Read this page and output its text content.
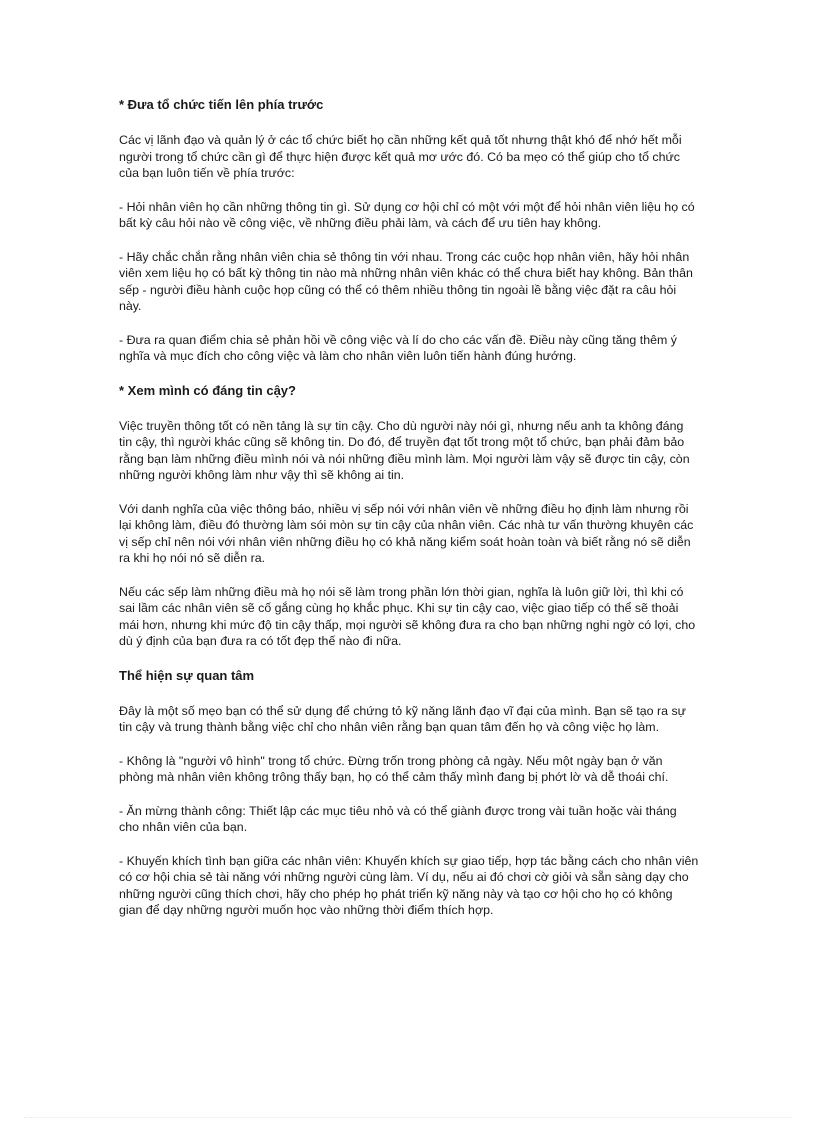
* Đưa tổ chức tiến lên phía trước

Các vị lãnh đạo và quản lý ở các tổ chức biết họ cần những kết quả tốt nhưng thật khó để nhớ hết mỗi người trong tổ chức cần gì để thực hiện được kết quả mơ ước đó. Có ba mẹo có thể giúp cho tổ chức của bạn luôn tiến về phía trước:

- Hỏi nhân viên họ cần những thông tin gì. Sử dụng cơ hội chỉ có một với một để hỏi nhân viên liệu họ có bất kỳ câu hỏi nào về công việc, về những điều phải làm, và cách để ưu tiên hay không.

- Hãy chắc chắn rằng nhân viên chia sẻ thông tin với nhau. Trong các cuộc họp nhân viên, hãy hỏi nhân viên xem liệu họ có bất kỳ thông tin nào mà những nhân viên khác có thể chưa biết hay không. Bản thân sếp - người điều hành cuộc họp cũng có thể có thêm nhiều thông tin ngoài lề bằng việc đặt ra câu hỏi này.

- Đưa ra quan điểm chia sẻ phản hồi về công việc và lí do cho các vấn đề. Điều này cũng tăng thêm ý nghĩa và mục đích cho công việc và làm cho nhân viên luôn tiến hành đúng hướng.

* Xem mình có đáng tin cậy?

Việc truyền thông tốt có nền tảng là sự tin cậy. Cho dù người này nói gì, nhưng nếu anh ta không đáng tin cậy, thì người khác cũng sẽ không tin. Do đó, để truyền đạt tốt trong một tổ chức, bạn phải đảm bảo rằng bạn làm những điều mình nói và nói những điều mình làm. Mọi người làm vậy sẽ được tin cậy, còn những người không làm như vậy thì sẽ không ai tin.

Với danh nghĩa của việc thông báo, nhiều vị sếp nói với nhân viên về những điều họ định làm nhưng rồi lại không làm, điều đó thường làm sói mòn sự tin cậy của nhân viên. Các nhà tư vấn thường khuyên các vị sếp chỉ nên nói với nhân viên những điều họ có khả năng kiểm soát hoàn toàn và biết rằng nó sẽ diễn ra khi họ nói nó sẽ diễn ra.

Nếu các sếp làm những điều mà họ nói sẽ làm trong phần lớn thời gian, nghĩa là luôn giữ lời, thì khi có sai lầm các nhân viên sẽ cố gắng cùng họ khắc phục. Khi sự tin cậy cao, việc giao tiếp có thể sẽ thoải mái hơn, nhưng khi mức độ tin cậy thấp, mọi người sẽ không đưa ra cho bạn những nghi ngờ có lợi, cho dù ý định của bạn đưa ra có tốt đẹp thế nào đi nữa.

Thể hiện sự quan tâm

Đây là một số mẹo bạn có thể sử dụng để chứng tỏ kỹ năng lãnh đạo vĩ đại của mình. Bạn sẽ tạo ra sự tin cậy và trung thành bằng việc chỉ cho nhân viên rằng bạn quan tâm đến họ và công việc họ làm.

- Không là "người vô hình" trong tổ chức. Đừng trốn trong phòng cả ngày. Nếu một ngày bạn ở văn phòng mà nhân viên không trông thấy bạn, họ có thể cảm thấy mình đang bị phớt lờ và dễ thoái chí.

- Ăn mừng thành công: Thiết lập các mục tiêu nhỏ và có thể giành được trong vài tuần hoặc vài tháng cho nhân viên của bạn.

- Khuyến khích tình bạn giữa các nhân viên: Khuyến khích sự giao tiếp, hợp tác bằng cách cho nhân viên có cơ hội chia sẻ tài năng với những người cùng làm. Ví dụ, nếu ai đó chơi cờ giỏi và sẵn sàng dạy cho những người cũng thích chơi, hãy cho phép họ phát triển kỹ năng này và tạo cơ hội cho họ có không gian để dạy những người muốn học vào những thời điểm thích hợp.
